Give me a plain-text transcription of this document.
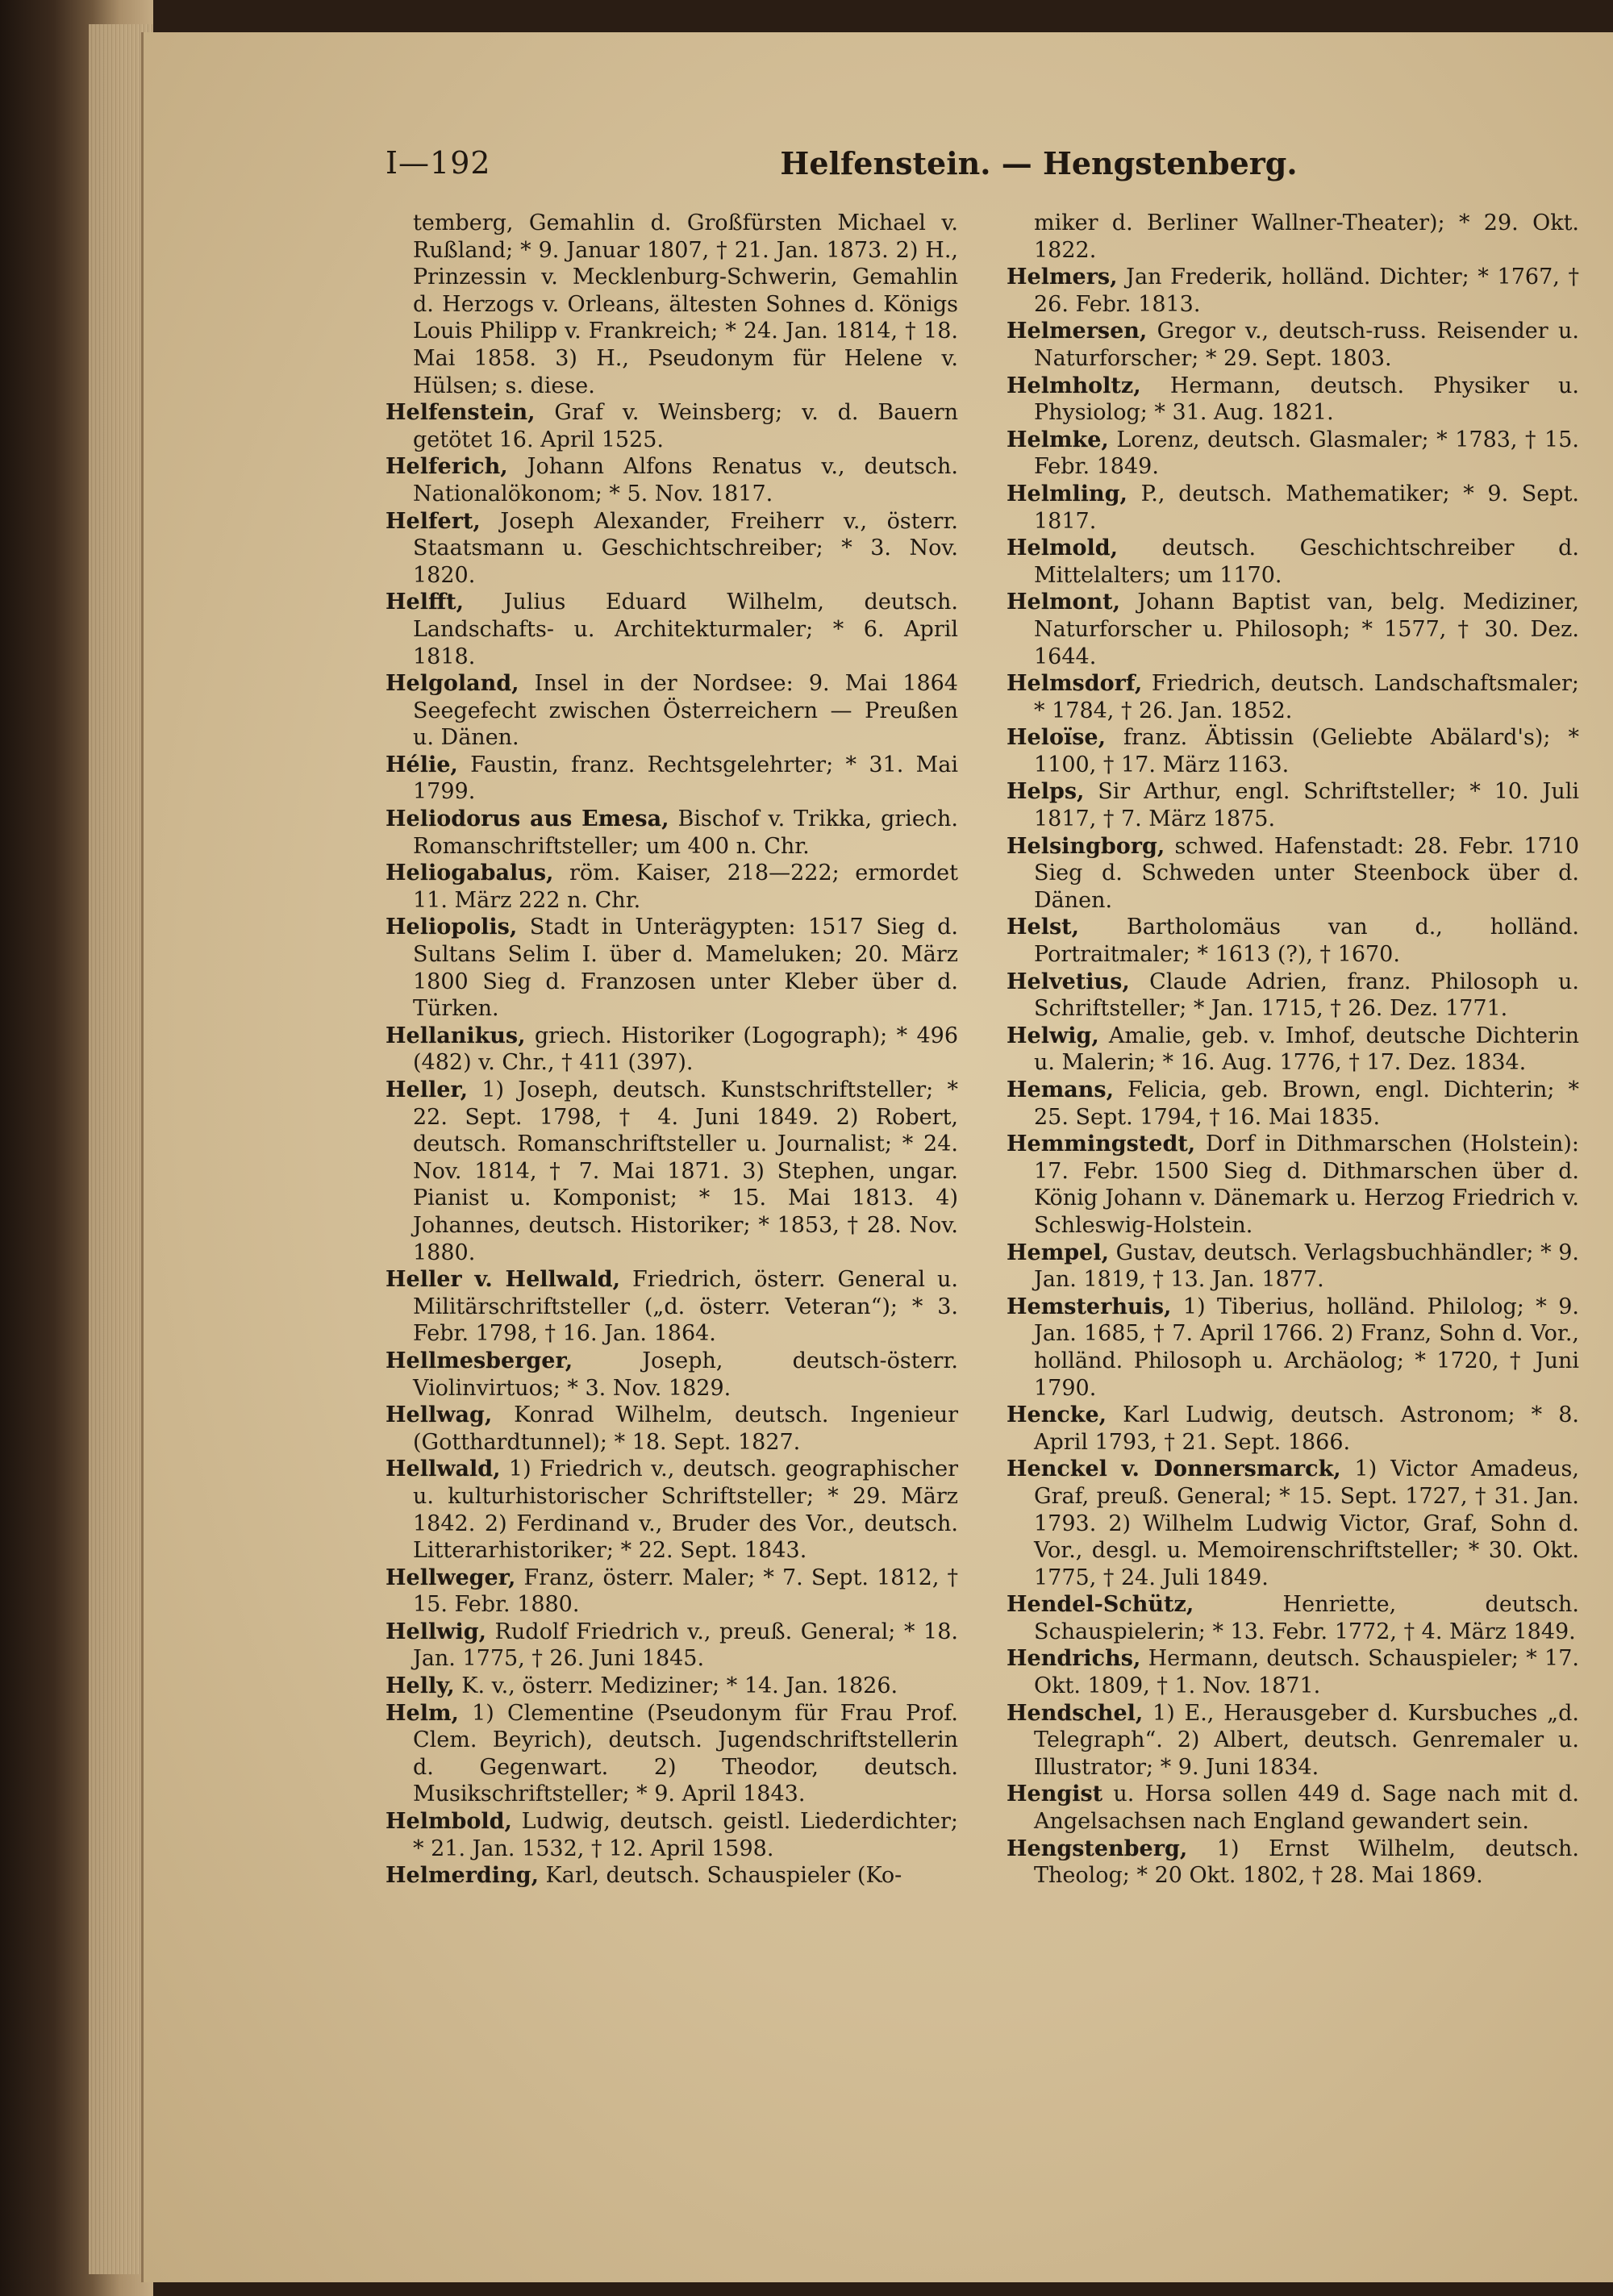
I—192	Helfenstein. — Hengstenberg.

temberg, Gemahlin d. Großfürsten Michael v. Rußland; * 9. Januar 1807, † 21. Jan. 1873. 2) H., Prinzessin v. Mecklenburg-Schwerin, Gemahlin d. Herzogs v. Orleans, ältesten Sohnes d. Königs Louis Philipp v. Frankreich; * 24. Jan. 1814, † 18. Mai 1858. 3) H., Pseudonym für Helene v. Hülsen; s. diese.

Helfenstein, Graf v. Weinsberg; v. d. Bauern getötet 16. April 1525.

Helferich, Johann Alfons Renatus v., deutsch. Nationalökonom; * 5. Nov. 1817.

Helfert, Joseph Alexander, Freiherr v., österr. Staatsmann u. Geschichtschreiber; * 3. Nov. 1820.

Helfft, Julius Eduard Wilhelm, deutsch. Landschafts- u. Architekturmaler; * 6. April 1818.

Helgoland, Insel in der Nordsee: 9. Mai 1864 Seegefecht zwischen Österreichern — Preußen u. Dänen.

Hélie, Faustin, franz. Rechtsgelehrter; * 31. Mai 1799.

Heliodorus aus Emesa, Bischof v. Trikka, griech. Romanschriftsteller; um 400 n. Chr.

Heliogabalus, röm. Kaiser, 218—222; ermordet 11. März 222 n. Chr.

Heliopolis, Stadt in Unterägypten: 1517 Sieg d. Sultans Selim I. über d. Mameluken; 20. März 1800 Sieg d. Franzosen unter Kleber über d. Türken.

Hellanikus, griech. Historiker (Logograph); * 496 (482) v. Chr., † 411 (397).

Heller, 1) Joseph, deutsch. Kunstschriftsteller; * 22. Sept. 1798, † 4. Juni 1849. 2) Robert, deutsch. Romanschriftsteller u. Journalist; * 24. Nov. 1814, † 7. Mai 1871. 3) Stephen, ungar. Pianist u. Komponist; * 15. Mai 1813. 4) Johannes, deutsch. Historiker; * 1853, † 28. Nov. 1880.

Heller v. Hellwald, Friedrich, österr. General u. Militärschriftsteller („d. österr. Veteran“); * 3. Febr. 1798, † 16. Jan. 1864.

Hellmesberger, Joseph, deutsch-österr. Violinvirtuos; * 3. Nov. 1829.

Hellwag, Konrad Wilhelm, deutsch. Ingenieur (Gotthardtunnel); * 18. Sept. 1827.

Hellwald, 1) Friedrich v., deutsch. geographischer u. kulturhistorischer Schriftsteller; * 29. März 1842. 2) Ferdinand v., Bruder des Vor., deutsch. Litterarhistoriker; * 22. Sept. 1843.

Hellweger, Franz, österr. Maler; * 7. Sept. 1812, † 15. Febr. 1880.

Hellwig, Rudolf Friedrich v., preuß. General; * 18. Jan. 1775, † 26. Juni 1845.

Helly, K. v., österr. Mediziner; * 14. Jan. 1826.

Helm, 1) Clementine (Pseudonym für Frau Prof. Clem. Beyrich), deutsch. Jugendschriftstellerin d. Gegenwart. 2) Theodor, deutsch. Musikschriftsteller; * 9. April 1843.

Helmbold, Ludwig, deutsch. geistl. Liederdichter; * 21. Jan. 1532, † 12. April 1598.

Helmerding, Karl, deutsch. Schauspieler (Ko-

miker d. Berliner Wallner-Theater); * 29. Okt. 1822.

Helmers, Jan Frederik, holländ. Dichter; * 1767, † 26. Febr. 1813.

Helmersen, Gregor v., deutsch-russ. Reisender u. Naturforscher; * 29. Sept. 1803.

Helmholtz, Hermann, deutsch. Physiker u. Physiolog; * 31. Aug. 1821.

Helmke, Lorenz, deutsch. Glasmaler; * 1783, † 15. Febr. 1849.

Helmling, P., deutsch. Mathematiker; * 9. Sept. 1817.

Helmold, deutsch. Geschichtschreiber d. Mittelalters; um 1170.

Helmont, Johann Baptist van, belg. Mediziner, Naturforscher u. Philosoph; * 1577, † 30. Dez. 1644.

Helmsdorf, Friedrich, deutsch. Landschaftsmaler; * 1784, † 26. Jan. 1852.

Heloïse, franz. Äbtissin (Geliebte Abälard's); * 1100, † 17. März 1163.

Helps, Sir Arthur, engl. Schriftsteller; * 10. Juli 1817, † 7. März 1875.

Helsingborg, schwed. Hafenstadt: 28. Febr. 1710 Sieg d. Schweden unter Steenbock über d. Dänen.

Helst, Bartholomäus van d., holländ. Portraitmaler; * 1613 (?), † 1670.

Helvetius, Claude Adrien, franz. Philosoph u. Schriftsteller; * Jan. 1715, † 26. Dez. 1771.

Helwig, Amalie, geb. v. Imhof, deutsche Dichterin u. Malerin; * 16. Aug. 1776, † 17. Dez. 1834.

Hemans, Felicia, geb. Brown, engl. Dichterin; * 25. Sept. 1794, † 16. Mai 1835.

Hemmingstedt, Dorf in Dithmarschen (Holstein): 17. Febr. 1500 Sieg d. Dithmarschen über d. König Johann v. Dänemark u. Herzog Friedrich v. Schleswig-Holstein.

Hempel, Gustav, deutsch. Verlagsbuchhändler; * 9. Jan. 1819, † 13. Jan. 1877.

Hemsterhuis, 1) Tiberius, holländ. Philolog; * 9. Jan. 1685, † 7. April 1766. 2) Franz, Sohn d. Vor., holländ. Philosoph u. Archäolog; * 1720, † Juni 1790.

Hencke, Karl Ludwig, deutsch. Astronom; * 8. April 1793, † 21. Sept. 1866.

Henckel v. Donnersmarck, 1) Victor Amadeus, Graf, preuß. General; * 15. Sept. 1727, † 31. Jan. 1793. 2) Wilhelm Ludwig Victor, Graf, Sohn d. Vor., desgl. u. Memoirenschriftsteller; * 30. Okt. 1775, † 24. Juli 1849.

Hendel-Schütz, Henriette, deutsch. Schauspielerin; * 13. Febr. 1772, † 4. März 1849.

Hendrichs, Hermann, deutsch. Schauspieler; * 17. Okt. 1809, † 1. Nov. 1871.

Hendschel, 1) E., Herausgeber d. Kursbuches „d. Telegraph“. 2) Albert, deutsch. Genremaler u. Illustrator; * 9. Juni 1834.

Hengist u. Horsa sollen 449 d. Sage nach mit d. Angelsachsen nach England gewandert sein.

Hengstenberg, 1) Ernst Wilhelm, deutsch. Theolog; * 20 Okt. 1802, † 28. Mai 1869.
